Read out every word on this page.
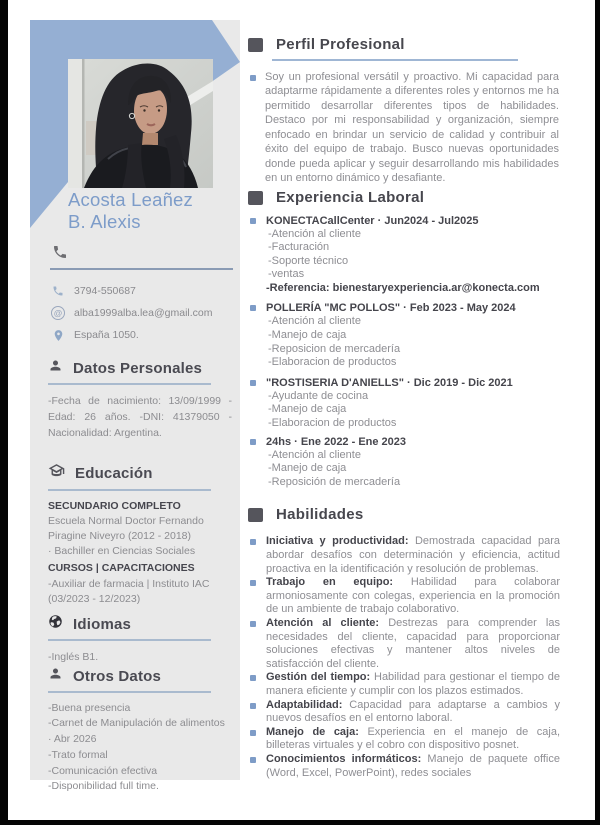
Acosta Leañez
B. Alexis
3794-550687
@ alba1999alba.lea@gmail.com
España 1050.
Datos Personales
-Fecha de nacimiento: 13/09/1999 -Edad: 26 años. -DNI: 41379050 - Nacionalidad: Argentina.
Educación
SECUNDARIO COMPLETO
Escuela Normal Doctor Fernando
Piragine Niveyro (2012 - 2018)
· Bachiller en Ciencias Sociales
CURSOS | CAPACITACIONES
-Auxiliar de farmacia | Instituto IAC
(03/2023 - 12/2023)
Idiomas
-Inglés B1.
Otros Datos
-Buena presencia
-Carnet de Manipulación de alimentos
· Abr 2026
-Trato formal
-Comunicación efectiva
-Disponibilidad full time.
Perfil Profesional

Soy un profesional versátil y proactivo. Mi capacidad para adaptarme rápidamente a diferentes roles y entornos me ha permitido desarrollar diferentes tipos de habilidades. Destaco por mi responsabilidad y organización, siempre enfocado en brindar un servicio de calidad y contribuir al éxito del equipo de trabajo. Busco nuevas oportunidades donde pueda aplicar y seguir desarrollando mis habilidades en un entorno dinámico y desafiante.

Experiencia Laboral
KONECTACallCenter · Jun2024 - Jul2025
-Atención al cliente
-Facturación
-Soporte técnico
-ventas
-Referencia: bienestaryexperiencia.ar@konecta.com
POLLERÍA "MC POLLOS" · Feb 2023 - May 2024
-Atención al cliente
-Manejo de caja
-Reposicion de mercadería
-Elaboracion de productos
"ROSTISERIA D'ANIELLS" · Dic 2019 - Dic 2021
-Ayudante de cocina
-Manejo de caja
-Elaboracion de productos
24hs · Ene 2022 - Ene 2023
-Atención al cliente
-Manejo de caja
-Reposición de mercadería
Habilidades
Iniciativa y productividad: Demostrada capacidad para abordar desafíos con determinación y eficiencia, actitud proactiva en la identificación y resolución de problemas.
Trabajo en equipo: Habilidad para colaborar armoniosamente con colegas, experiencia en la promoción de un ambiente de trabajo colaborativo.
Atención al cliente: Destrezas para comprender las necesidades del cliente, capacidad para proporcionar soluciones efectivas y mantener altos niveles de satisfacción del cliente.
Gestión del tiempo: Habilidad para gestionar el tiempo de manera eficiente y cumplir con los plazos estimados.
Adaptabilidad: Capacidad para adaptarse a cambios y nuevos desafíos en el entorno laboral.
Manejo de caja: Experiencia en el manejo de caja, billeteras virtuales y el cobro con dispositivo posnet.
Conocimientos informáticos: Manejo de paquete office (Word, Excel, PowerPoint), redes sociales
